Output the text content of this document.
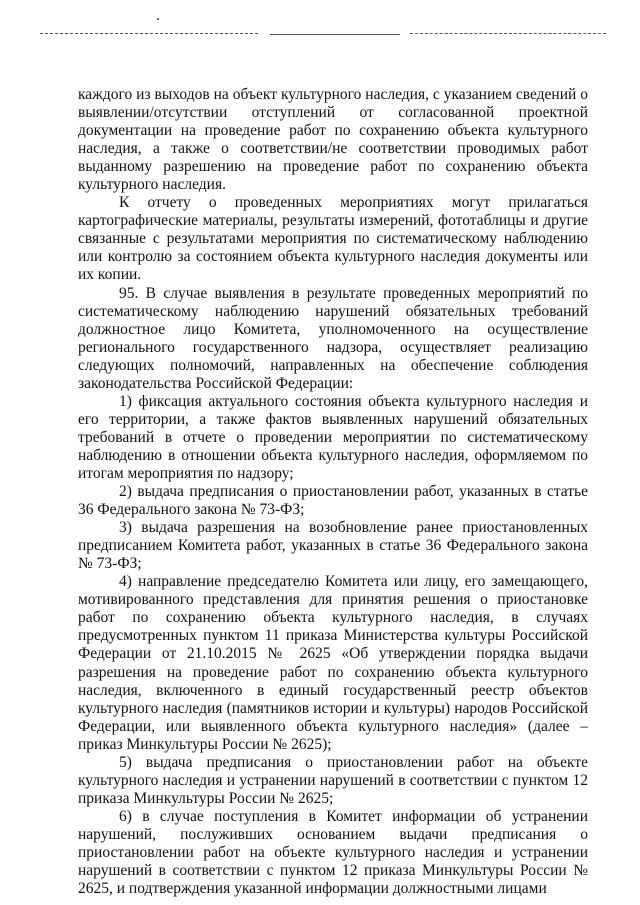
каждого из выходов на объект культурного наследия, с указанием сведений о выявлении/отсутствии отступлений от согласованной проектной документации на проведение работ по сохранению объекта культурного наследия, а также о соответствии/не соответствии проводимых работ выданному разрешению на проведение работ по сохранению объекта культурного наследия.

К отчету о проведенных мероприятиях могут прилагаться картографические материалы, результаты измерений, фототаблицы и другие связанные с результатами мероприятия по систематическому наблюдению или контролю за состоянием объекта культурного наследия документы или их копии.

95. В случае выявления в результате проведенных мероприятий по систематическому наблюдению нарушений обязательных требований должностное лицо Комитета, уполномоченного на осуществление регионального государственного надзора, осуществляет реализацию следующих полномочий, направленных на обеспечение соблюдения законодательства Российской Федерации:

1) фиксация актуального состояния объекта культурного наследия и его территории, а также фактов выявленных нарушений обязательных требований в отчете о проведении мероприятии по систематическому наблюдению в отношении объекта культурного наследия, оформляемом по итогам мероприятия по надзору;

2) выдача предписания о приостановлении работ, указанных в статье 36 Федерального закона № 73-ФЗ;

3) выдача разрешения на возобновление ранее приостановленных предписанием Комитета работ, указанных в статье 36 Федерального закона № 73-ФЗ;

4) направление председателю Комитета или лицу, его замещающего, мотивированного представления для принятия решения о приостановке работ по сохранению объекта культурного наследия, в случаях предусмотренных пунктом 11 приказа Министерства культуры Российской Федерации от 21.10.2015 № 2625 «Об утверждении порядка выдачи разрешения на проведение работ по сохранению объекта культурного наследия, включенного в единый государственный реестр объектов культурного наследия (памятников истории и культуры) народов Российской Федерации, или выявленного объекта культурного наследия» (далее – приказ Минкультуры России № 2625);

5) выдача предписания о приостановлении работ на объекте культурного наследия и устранении нарушений в соответствии с пунктом 12 приказа Минкультуры России № 2625;

6) в случае поступления в Комитет информации об устранении нарушений, послуживших основанием выдачи предписания о приостановлении работ на объекте культурного наследия и устранении нарушений в соответствии с пунктом 12 приказа Минкультуры России № 2625, и подтверждения указанной информации должностными лицами
